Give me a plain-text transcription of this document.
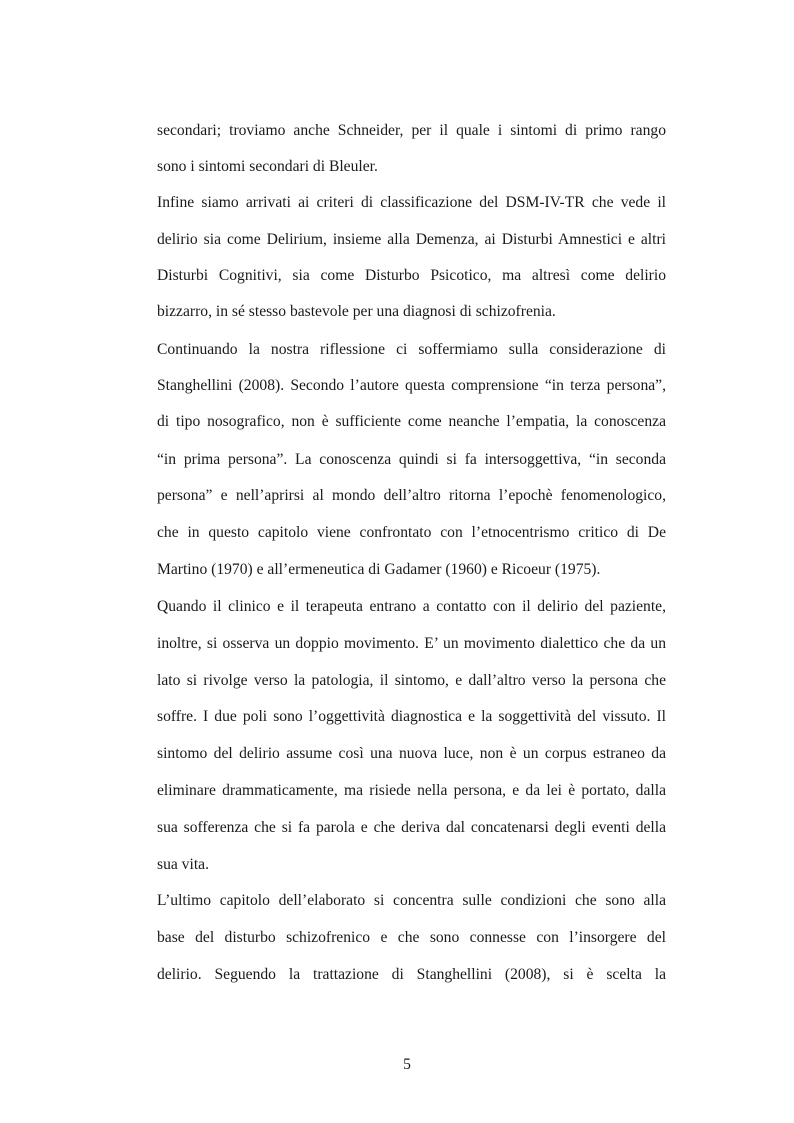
secondari; troviamo anche Schneider, per il quale i sintomi di primo rango
sono i sintomi secondari di Bleuler.
Infine siamo arrivati ai criteri di classificazione del DSM-IV-TR che vede il
delirio sia come Delirium, insieme alla Demenza, ai Disturbi Amnestici e altri
Disturbi Cognitivi, sia come Disturbo Psicotico, ma altresì come delirio
bizzarro, in sé stesso bastevole per una diagnosi di schizofrenia.
Continuando la nostra riflessione ci soffermiamo sulla considerazione di
Stanghellini (2008). Secondo l’autore questa comprensione “in terza persona”,
di tipo nosografico, non è sufficiente come neanche l’empatia, la conoscenza
“in prima persona”. La conoscenza quindi si fa intersoggettiva, “in seconda
persona” e nell’aprirsi al mondo dell’altro ritorna l’epochè fenomenologico,
che in questo capitolo viene confrontato con l’etnocentrismo critico di De
Martino (1970) e all’ermeneutica di Gadamer (1960) e Ricoeur (1975).
Quando il clinico e il terapeuta entrano a contatto con il delirio del paziente,
inoltre, si osserva un doppio movimento. E’ un movimento dialettico che da un
lato si rivolge verso la patologia, il sintomo, e dall’altro verso la persona che
soffre. I due poli sono l’oggettività diagnostica e la soggettività del vissuto. Il
sintomo del delirio assume così una nuova luce, non è un corpus estraneo da
eliminare drammaticamente, ma risiede nella persona, e da lei è portato, dalla
sua sofferenza che si fa parola e che deriva dal concatenarsi degli eventi della
sua vita.
L’ultimo capitolo dell’elaborato si concentra sulle condizioni che sono alla
base del disturbo schizofrenico e che sono connesse con l’insorgere del
delirio. Seguendo la trattazione di Stanghellini (2008), si è scelta la
5
